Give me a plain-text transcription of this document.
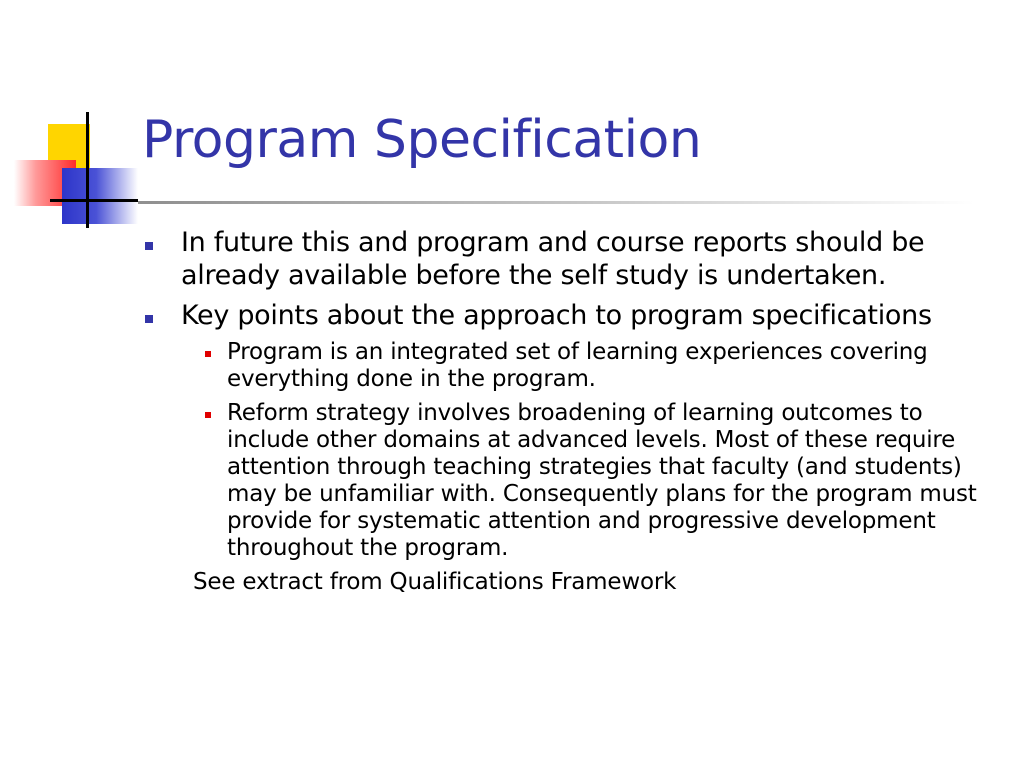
Program Specification
In future this and program and course reports should be already available before the self study is undertaken.
Key points about the approach to program specifications
Program is an integrated set of learning experiences covering everything done in the program.
Reform strategy involves broadening of learning outcomes to include other domains at advanced levels. Most of these require attention through teaching strategies that faculty (and students) may be unfamiliar with. Consequently plans for the program must provide for systematic attention and progressive development throughout the program.
See extract from Qualifications Framework
